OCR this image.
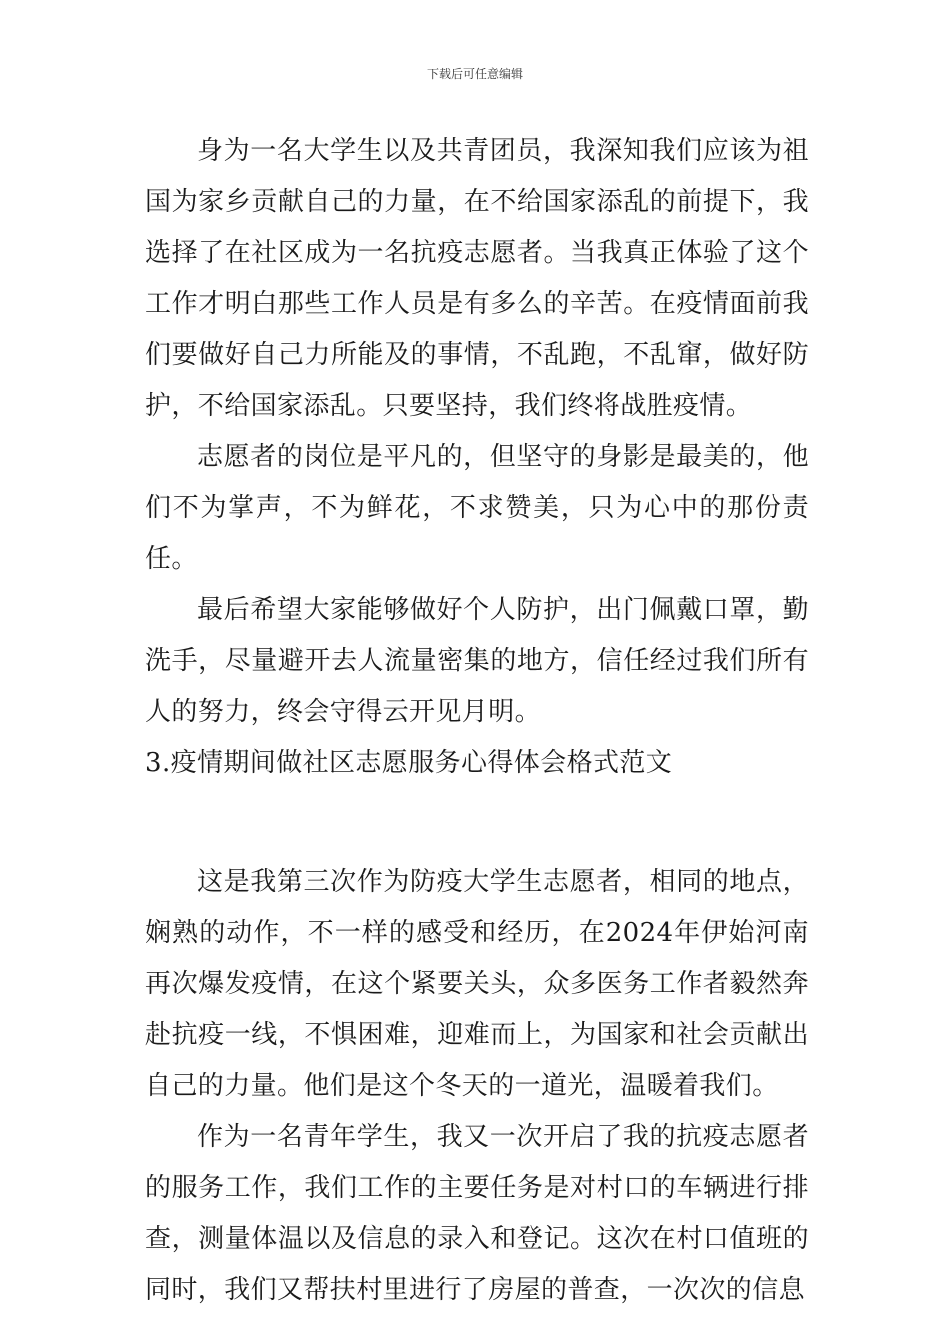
下载后可任意编辑

身为一名大学生以及共青团员，我深知我们应该为祖国为家乡贡献自己的力量，在不给国家添乱的前提下，我选择了在社区成为一名抗疫志愿者。当我真正体验了这个工作才明白那些工作人员是有多么的辛苦。在疫情面前我们要做好自己力所能及的事情，不乱跑，不乱窜，做好防护，不给国家添乱。只要坚持，我们终将战胜疫情。

志愿者的岗位是平凡的，但坚守的身影是最美的，他们不为掌声，不为鲜花，不求赞美，只为心中的那份责任。

最后希望大家能够做好个人防护，出门佩戴口罩，勤洗手，尽量避开去人流量密集的地方，信任经过我们所有人的努力，终会守得云开见月明。

3.疫情期间做社区志愿服务心得体会格式范文

这是我第三次作为防疫大学生志愿者，相同的地点，娴熟的动作，不一样的感受和经历，在2024年伊始河南再次爆发疫情，在这个紧要关头，众多医务工作者毅然奔赴抗疫一线，不惧困难，迎难而上，为国家和社会贡献出自己的力量。他们是这个冬天的一道光，温暖着我们。

作为一名青年学生，我又一次开启了我的抗疫志愿者的服务工作，我们工作的主要任务是对村口的车辆进行排查，测量体温以及信息的录入和登记。这次在村口值班的同时，我们又帮扶村里进行了房屋的普查，一次次的信息
